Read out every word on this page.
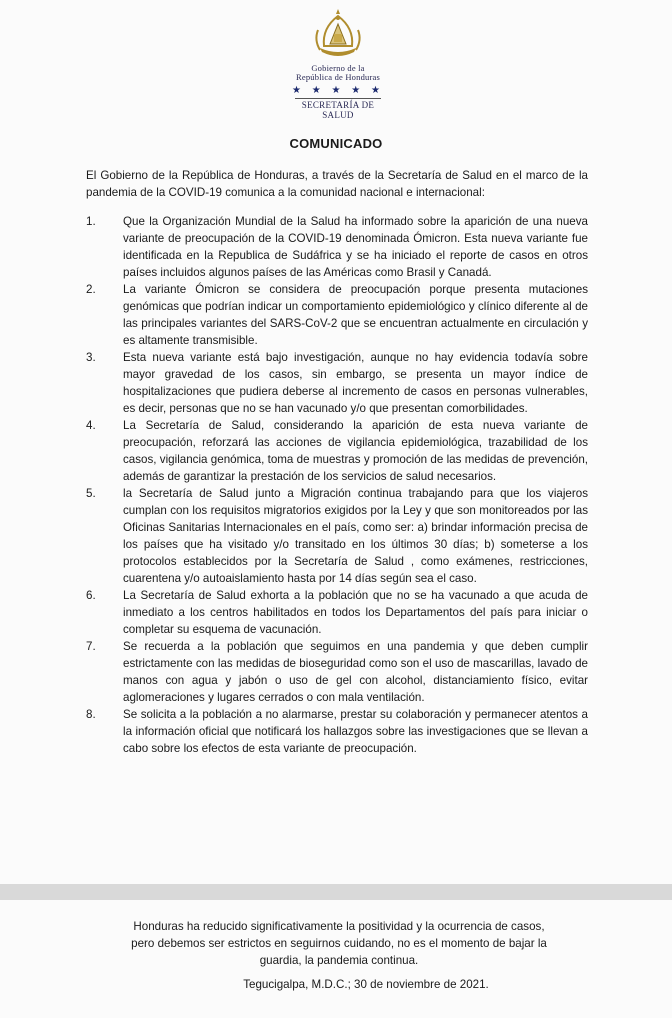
Gobierno de la
República de Honduras
★ ★ ★ ★ ★
SECRETARÍA DE SALUD
COMUNICADO
El Gobierno de la República de Honduras, a través de la Secretaría de Salud en el marco de la pandemia de la COVID-19 comunica a la comunidad nacional e internacional:
1.	Que la Organización Mundial de la Salud ha informado sobre la aparición de una nueva variante de preocupación de la COVID-19 denominada Ómicron. Esta nueva variante fue identificada en la Republica de Sudáfrica y se ha iniciado el reporte de casos en otros países incluidos algunos países de las Américas como Brasil y Canadá.
2.	La variante Ómicron se considera de preocupación porque presenta mutaciones genómicas que podrían indicar un comportamiento epidemiológico y clínico diferente al de las principales variantes del SARS-CoV-2 que se encuentran actualmente en circulación y es altamente transmisible.
3.	Esta nueva variante está bajo investigación, aunque no hay evidencia todavía sobre mayor gravedad de los casos, sin embargo, se presenta un mayor índice de hospitalizaciones que pudiera deberse al incremento de casos en personas vulnerables, es decir, personas que no se han vacunado y/o que presentan comorbilidades.
4.	La Secretaría de Salud, considerando la aparición de esta nueva variante de preocupación, reforzará las acciones de vigilancia epidemiológica, trazabilidad de los casos, vigilancia genómica, toma de muestras y promoción de las medidas de prevención, además de garantizar la prestación de los servicios de salud necesarios.
5.	la Secretaría de Salud junto a Migración continua trabajando para que los viajeros cumplan con los requisitos migratorios exigidos por la Ley y que son monitoreados por las Oficinas Sanitarias Internacionales en el país, como ser: a) brindar información precisa de los países que ha visitado y/o transitado en los últimos 30 días; b) someterse a los protocolos establecidos por la Secretaría de Salud , como exámenes, restricciones, cuarentena y/o autoaislamiento hasta por 14 días según sea el caso.
6.	La Secretaría de Salud exhorta a la población que no se ha vacunado a que acuda de inmediato a los centros habilitados en todos los Departamentos del país para iniciar o completar su esquema de vacunación.
7.	Se recuerda a la población que seguimos en una pandemia y que deben cumplir estrictamente con las medidas de bioseguridad como son el uso de mascarillas, lavado de manos con agua y jabón o uso de gel con alcohol, distanciamiento físico, evitar aglomeraciones y lugares cerrados o con mala ventilación.
8.	Se solicita a la población a no alarmarse, prestar su colaboración y permanecer atentos a la información oficial que notificará los hallazgos sobre las investigaciones que se llevan a cabo sobre los efectos de esta variante de preocupación.
Honduras ha reducido significativamente la positividad y la ocurrencia de casos, pero debemos ser estrictos en seguirnos cuidando, no es el momento de bajar la guardia, la pandemia continua.
Tegucigalpa, M.D.C.; 30 de noviembre de 2021.
